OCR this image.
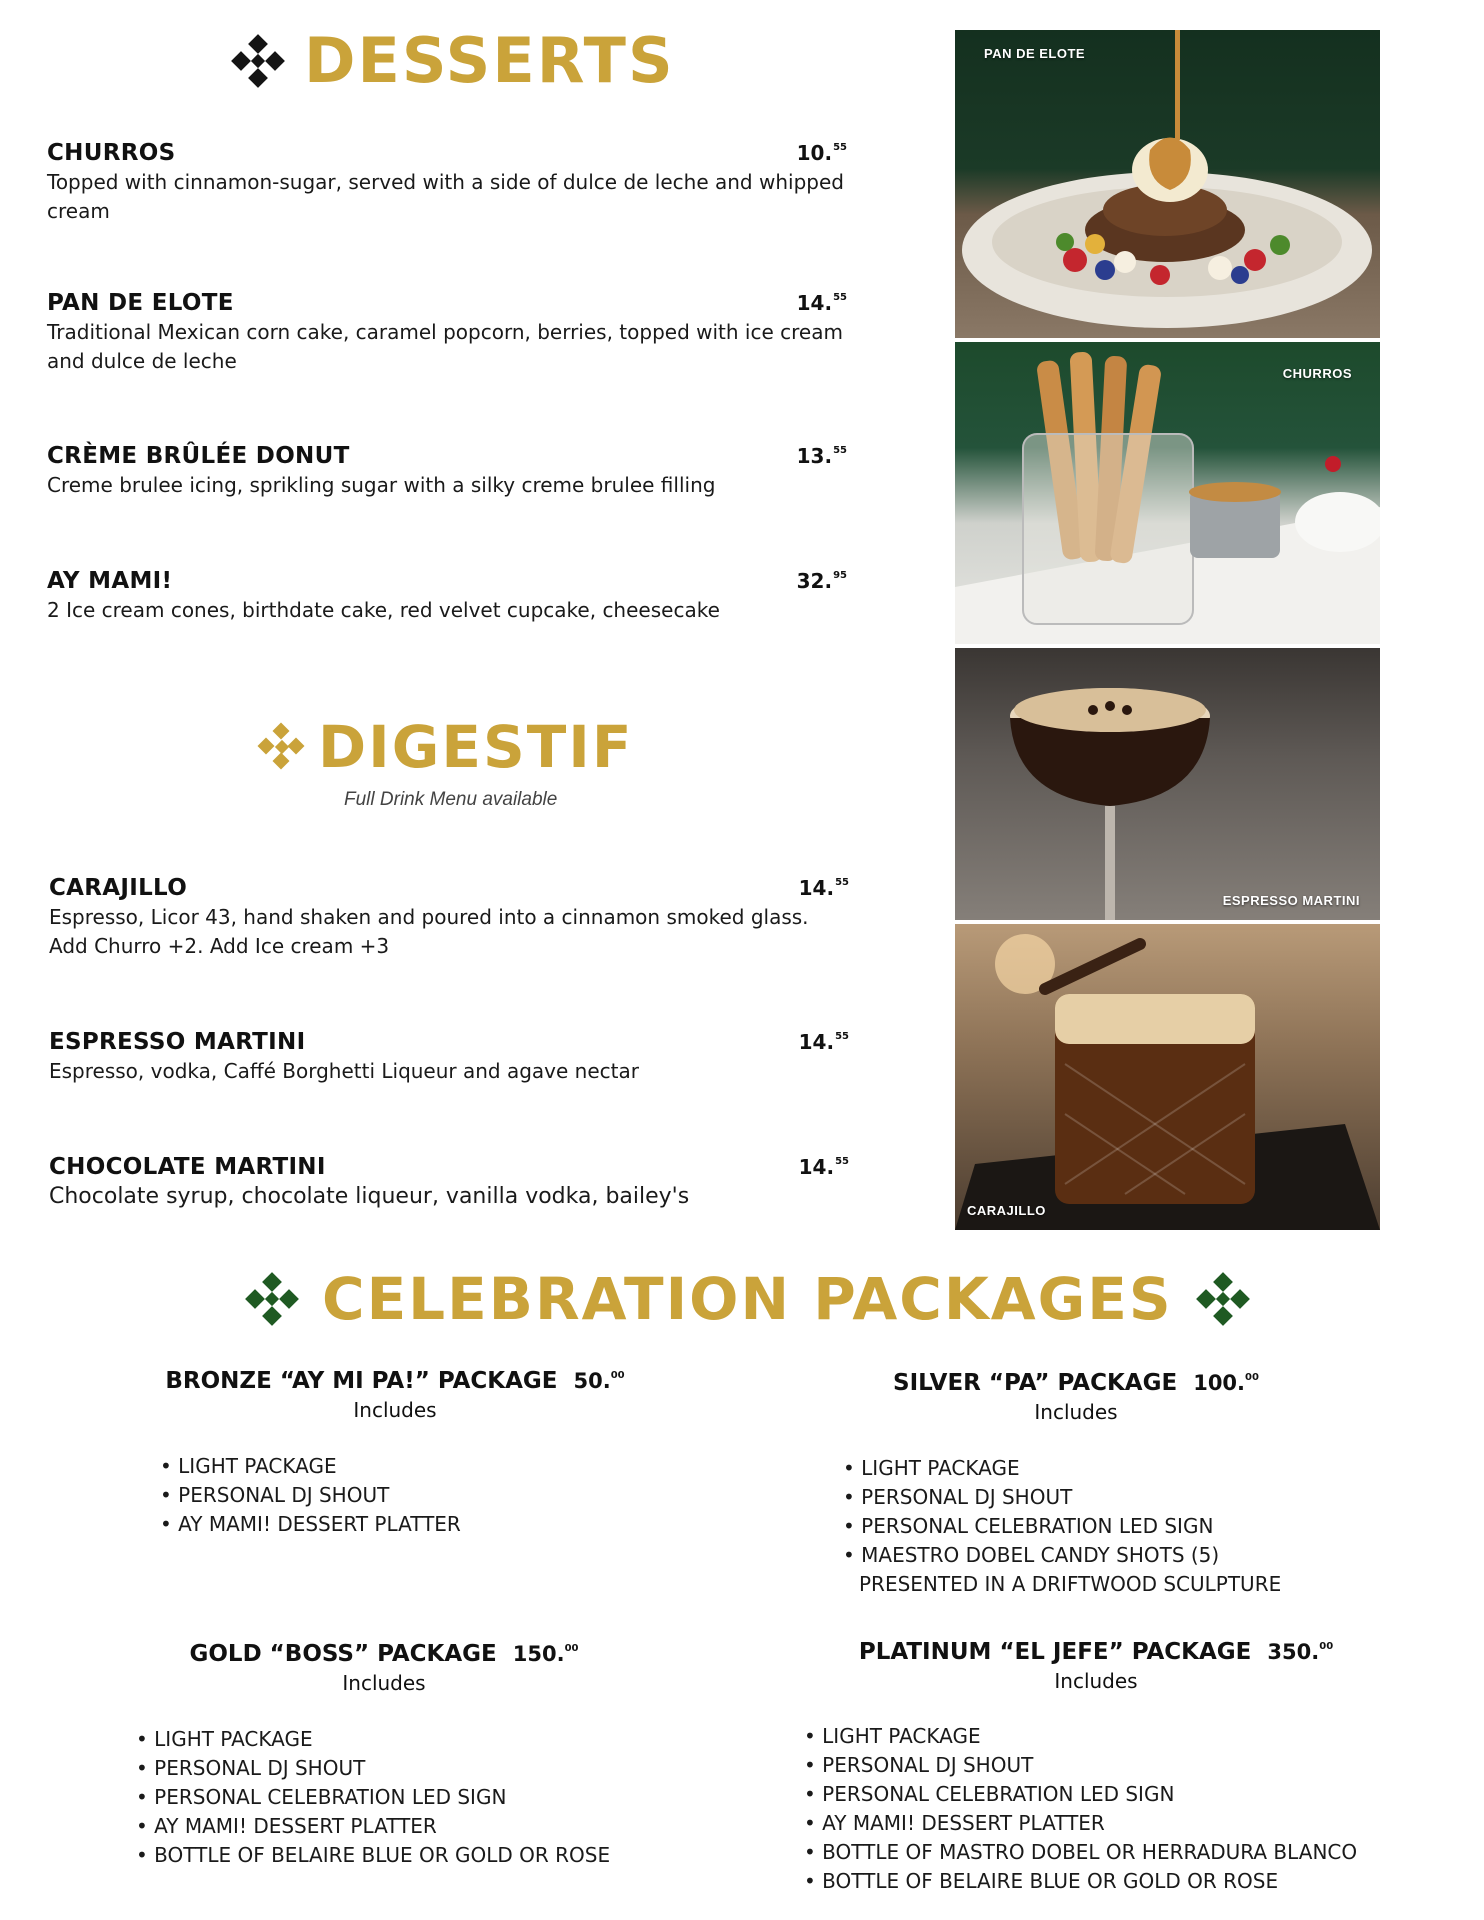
DESSERTS
CHURROS	10.55
Topped with cinnamon-sugar, served with a side of dulce de leche and whipped cream
PAN DE ELOTE	14.55
Traditional Mexican corn cake, caramel popcorn, berries, topped with ice cream and dulce de leche
CRÈME BRÛLÉE DONUT	13.55
Creme brulee icing, sprikling sugar with a silky creme brulee filling
AY MAMI!	32.95
2 Ice cream cones, birthdate cake, red velvet cupcake, cheesecake
DIGESTIF
Full Drink Menu available
CARAJILLO	14.55
Espresso, Licor 43, hand shaken and poured into a cinnamon smoked glass.
Add Churro +2. Add Ice cream +3
ESPRESSO MARTINI	14.55
Espresso, vodka, Caffé Borghetti Liqueur and agave nectar
CHOCOLATE MARTINI	14.55
Chocolate syrup, chocolate liqueur, vanilla vodka, bailey's
PAN DE ELOTE
CHURROS
ESPRESSO MARTINI
CARAJILLO
CELEBRATION PACKAGES
BRONZE “AY MI PA!” PACKAGE 50.00
Includes
• LIGHT PACKAGE
• PERSONAL DJ SHOUT
• AY MAMI! DESSERT PLATTER
SILVER “PA” PACKAGE 100.00
Includes
• LIGHT PACKAGE
• PERSONAL DJ SHOUT
• PERSONAL CELEBRATION LED SIGN
• MAESTRO DOBEL CANDY SHOTS (5)
PRESENTED IN A DRIFTWOOD SCULPTURE
GOLD “BOSS” PACKAGE 150.00
Includes
• LIGHT PACKAGE
• PERSONAL DJ SHOUT
• PERSONAL CELEBRATION LED SIGN
• AY MAMI! DESSERT PLATTER
• BOTTLE OF BELAIRE BLUE OR GOLD OR ROSE
PLATINUM “EL JEFE” PACKAGE 350.00
Includes
• LIGHT PACKAGE
• PERSONAL DJ SHOUT
• PERSONAL CELEBRATION LED SIGN
• AY MAMI! DESSERT PLATTER
• BOTTLE OF MASTRO DOBEL OR HERRADURA BLANCO
• BOTTLE OF BELAIRE BLUE OR GOLD OR ROSE
